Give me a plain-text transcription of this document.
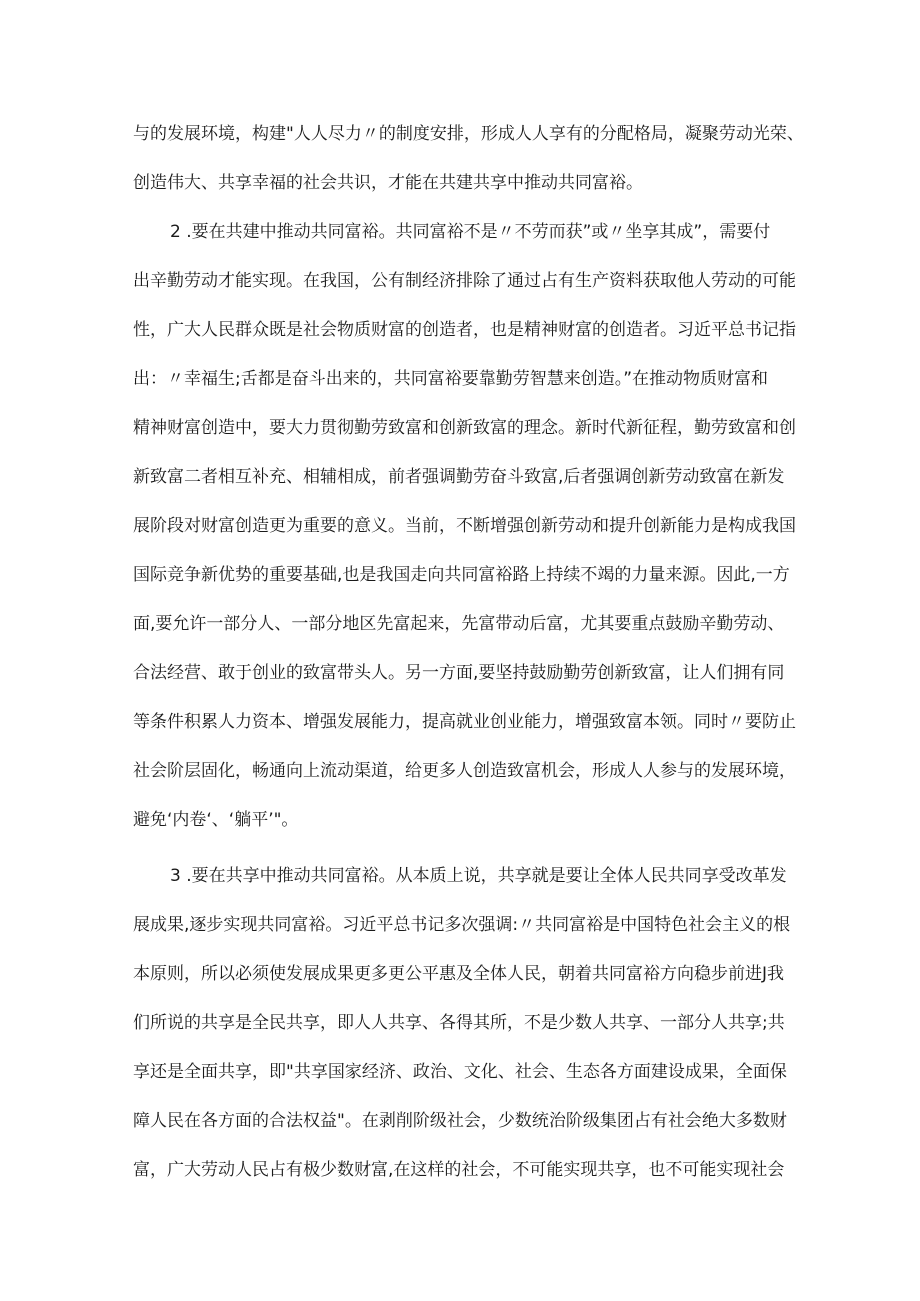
与的发展环境，构建"人人尽力〃的制度安排，形成人人享有的分配格局，凝聚劳动光荣、
创造伟大、共享幸福的社会共识，才能在共建共享中推动共同富裕。
2 .要在共建中推动共同富裕。共同富裕不是〃不劳而获”或〃坐享其成”，需要付
出辛勤劳动才能实现。在我国，公有制经济排除了通过占有生产资料获取他人劳动的可能
性，广大人民群众既是社会物质财富的创造者，也是精神财富的创造者。习近平总书记指
出：〃幸福生;舌都是奋斗出来的，共同富裕要靠勤劳智慧来创造。”在推动物质财富和
精神财富创造中，要大力贯彻勤劳致富和创新致富的理念。新时代新征程，勤劳致富和创
新致富二者相互补充、相辅相成，前者强调勤劳奋斗致富,后者强调创新劳动致富在新发
展阶段对财富创造更为重要的意义。当前，不断增强创新劳动和提升创新能力是构成我国
国际竞争新优势的重要基础,也是我国走向共同富裕路上持续不竭的力量来源。因此,一方
面,要允许一部分人、一部分地区先富起来，先富带动后富，尤其要重点鼓励辛勤劳动、
合法经营、敢于创业的致富带头人。另一方面,要坚持鼓励勤劳创新致富，让人们拥有同
等条件积累人力资本、增强发展能力，提高就业创业能力，增强致富本领。同时〃要防止
社会阶层固化，畅通向上流动渠道，给更多人创造致富机会，形成人人参与的发展环境，
避免‘内卷‘、‘躺平’"。
3 .要在共享中推动共同富裕。从本质上说，共享就是要让全体人民共同享受改革发
展成果,逐步实现共同富裕。习近平总书记多次强调:〃共同富裕是中国特色社会主义的根
本原则，所以必须使发展成果更多更公平惠及全体人民，朝着共同富裕方向稳步前进J我
们所说的共享是全民共享，即人人共享、各得其所，不是少数人共享、一部分人共享;共
享还是全面共享，即"共享国家经济、政治、文化、社会、生态各方面建设成果，全面保
障人民在各方面的合法权益"。在剥削阶级社会，少数统治阶级集团占有社会绝大多数财
富，广大劳动人民占有极少数财富,在这样的社会，不可能实现共享，也不可能实现社会
